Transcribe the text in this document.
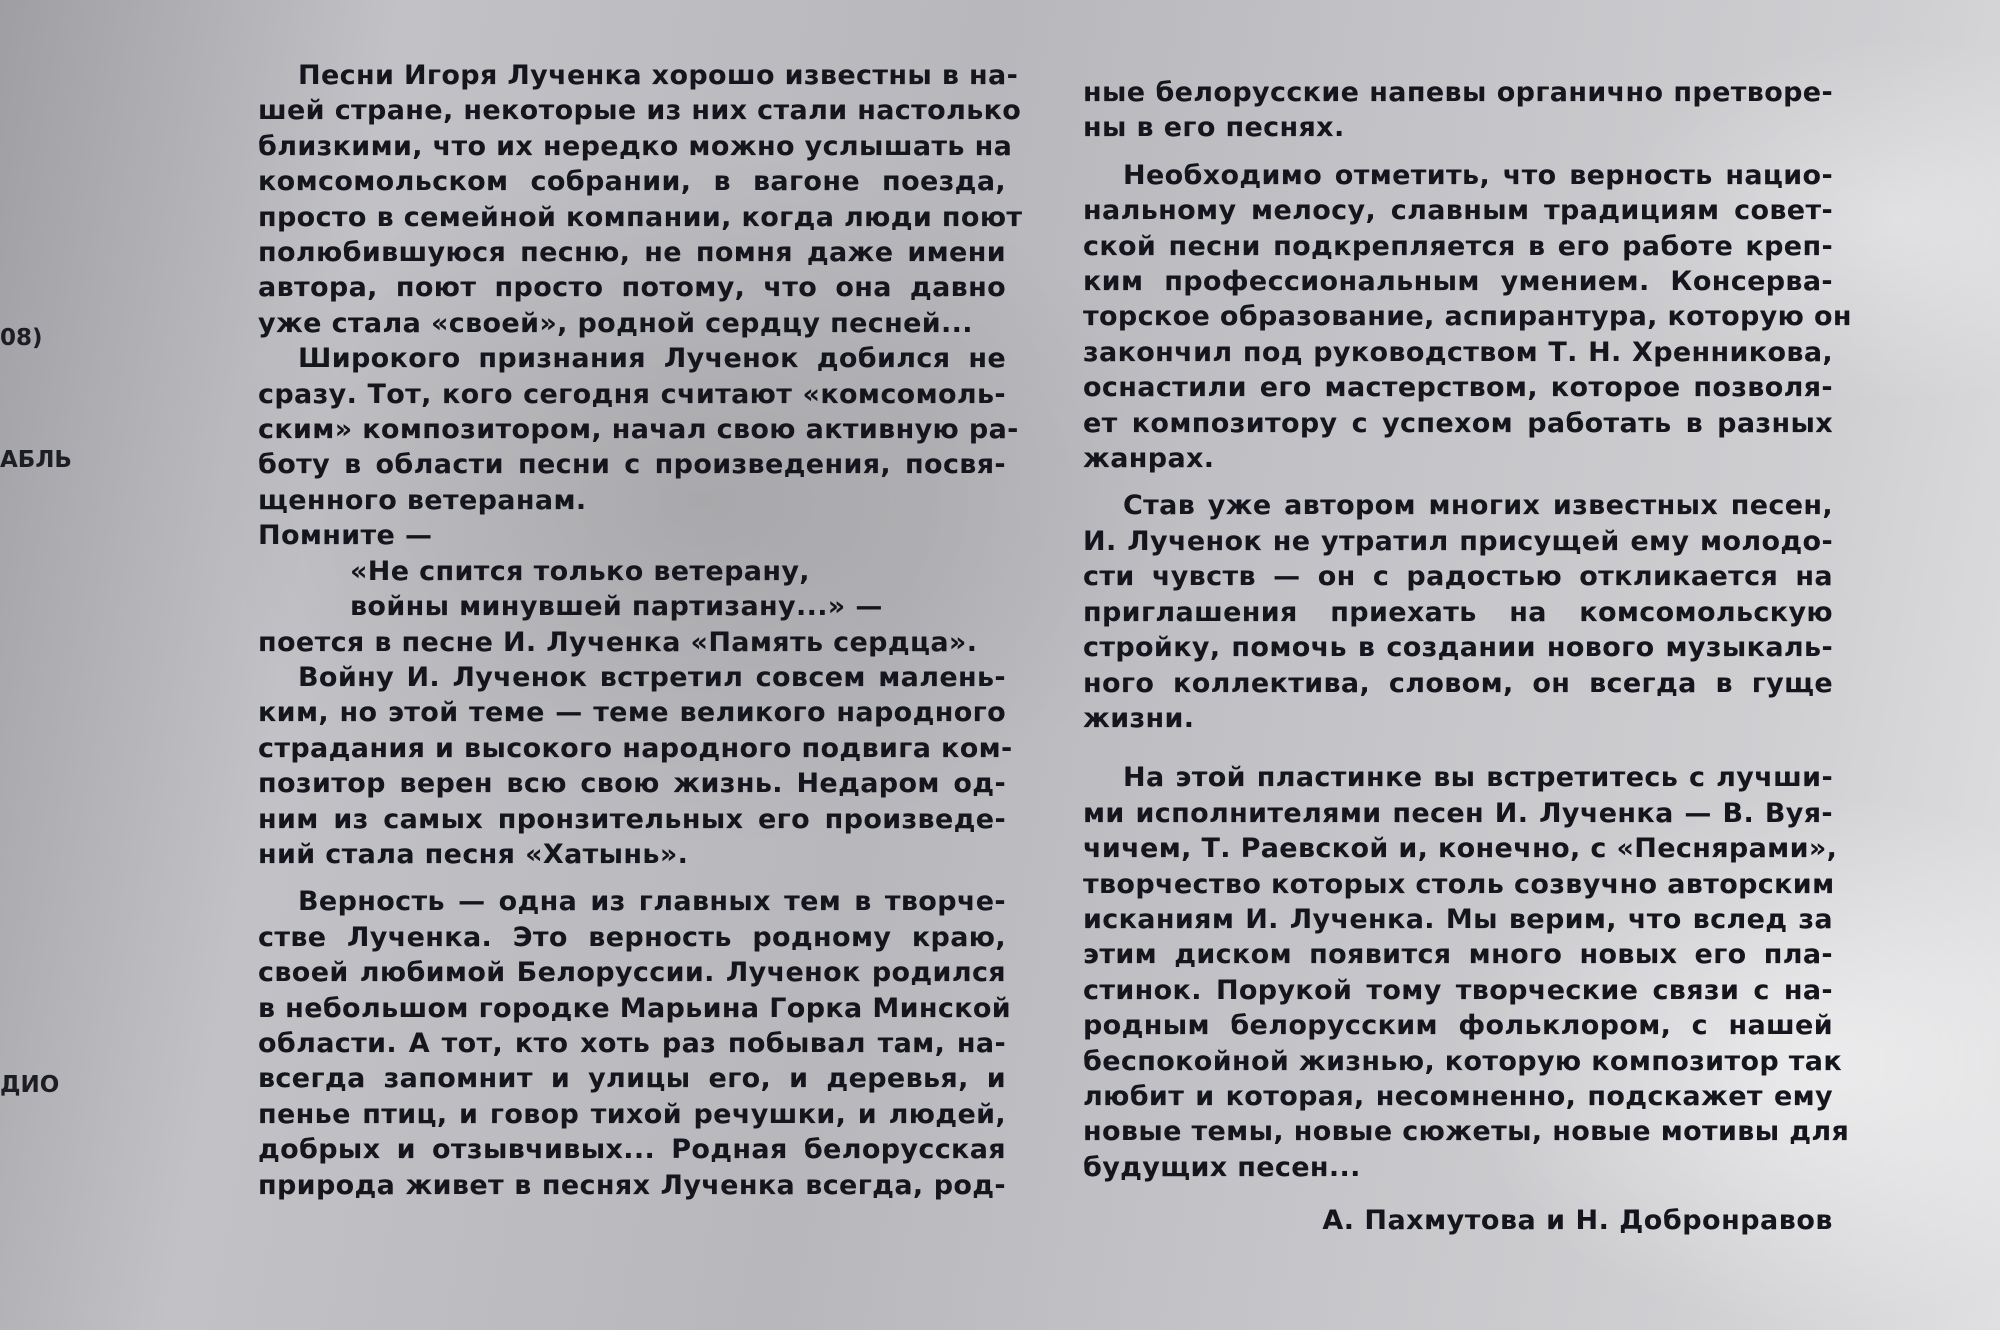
08)
АБЛЬ
ДИО
Песни Игоря Лученка хорошо известны в на-
шей стране, некоторые из них стали настолько
близкими, что их нередко можно услышать на
комсомольском собрании, в вагоне поезда,
просто в семейной компании, когда люди поют
полюбившуюся песню, не помня даже имени
автора, поют просто потому, что она давно
уже стала «своей», родной сердцу песней...
Широкого признания Лученок добился не
сразу. Тот, кого сегодня считают «комсомоль-
ским» композитором, начал свою активную ра-
боту в области песни с произведения, посвя-
щенного ветеранам.
Помните —
«Не спится только ветерану,
войны минувшей партизану...» —
поется в песне И. Лученка «Память сердца».
Войну И. Лученок встретил совсем малень-
ким, но этой теме — теме великого народного
страдания и высокого народного подвига ком-
позитор верен всю свою жизнь. Недаром од-
ним из самых пронзительных его произведе-
ний стала песня «Хатынь».
Верность — одна из главных тем в творче-
стве Лученка. Это верность родному краю,
своей любимой Белоруссии. Лученок родился
в небольшом городке Марьина Горка Минской
области. А тот, кто хоть раз побывал там, на-
всегда запомнит и улицы его, и деревья, и
пенье птиц, и говор тихой речушки, и людей,
добрых и отзывчивых... Родная белорусская
природа живет в песнях Лученка всегда, род-
ные белорусские напевы органично претворе-
ны в его песнях.
Необходимо отметить, что верность нацио-
нальному мелосу, славным традициям совет-
ской песни подкрепляется в его работе креп-
ким профессиональным умением. Консерва-
торское образование, аспирантура, которую он
закончил под руководством Т. Н. Хренникова,
оснастили его мастерством, которое позволя-
ет композитору с успехом работать в разных
жанрах.
Став уже автором многих известных песен,
И. Лученок не утратил присущей ему молодо-
сти чувств — он с радостью откликается на
приглашения приехать на комсомольскую
стройку, помочь в создании нового музыкаль-
ного коллектива, словом, он всегда в гуще
жизни.
На этой пластинке вы встретитесь с лучши-
ми исполнителями песен И. Лученка — В. Вуя-
чичем, Т. Раевской и, конечно, с «Песнярами»,
творчество которых столь созвучно авторским
исканиям И. Лученка. Мы верим, что вслед за
этим диском появится много новых его пла-
стинок. Порукой тому творческие связи с на-
родным белорусским фольклором, с нашей
беспокойной жизнью, которую композитор так
любит и которая, несомненно, подскажет ему
новые темы, новые сюжеты, новые мотивы для
будущих песен...
А. Пахмутова и Н. Добронравов
